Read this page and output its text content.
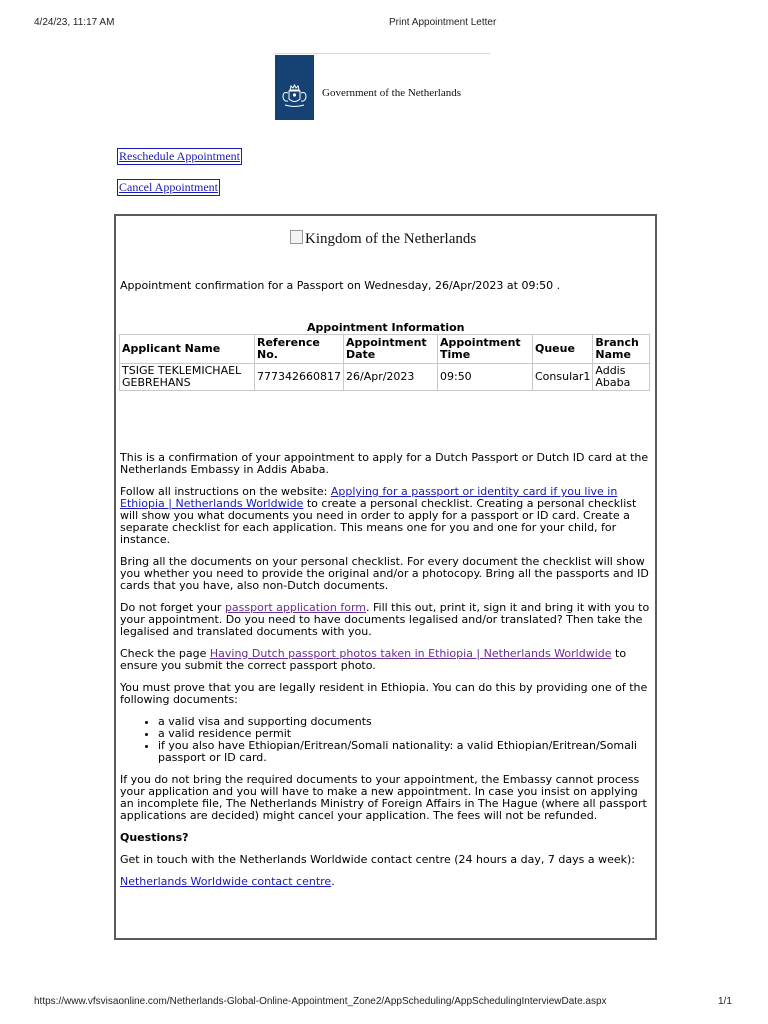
4/24/23, 11:17 AM	Print Appointment Letter
Government of the Netherlands
Reschedule Appointment
Cancel Appointment
Kingdom of the Netherlands
Appointment confirmation for a Passport on Wednesday, 26/Apr/2023 at 09:50 .
Appointment Information
Applicant Name	Reference No.	Appointment Date	Appointment Time	Queue	Branch Name
TSIGE TEKLEMICHAEL GEBREHANS	777342660817	26/Apr/2023	09:50	Consular1	Addis Ababa

This is a confirmation of your appointment to apply for a Dutch Passport or Dutch ID card at the Netherlands Embassy in Addis Ababa.

Follow all instructions on the website: Applying for a passport or identity card if you live in Ethiopia | Netherlands Worldwide to create a personal checklist. Creating a personal checklist will show you what documents you need in order to apply for a passport or ID card. Create a separate checklist for each application. This means one for you and one for your child, for instance.

Bring all the documents on your personal checklist. For every document the checklist will show you whether you need to provide the original and/or a photocopy. Bring all the passports and ID cards that you have, also non-Dutch documents.

Do not forget your passport application form. Fill this out, print it, sign it and bring it with you to your appointment. Do you need to have documents legalised and/or translated? Then take the legalised and translated documents with you.

Check the page Having Dutch passport photos taken in Ethiopia | Netherlands Worldwide to ensure you submit the correct passport photo.

You must prove that you are legally resident in Ethiopia. You can do this by providing one of the following documents:

• a valid visa and supporting documents
• a valid residence permit
• if you also have Ethiopian/Eritrean/Somali nationality: a valid Ethiopian/Eritrean/Somali passport or ID card.

If you do not bring the required documents to your appointment, the Embassy cannot process your application and you will have to make a new appointment. In case you insist on applying an incomplete file, The Netherlands Ministry of Foreign Affairs in The Hague (where all passport applications are decided) might cancel your application. The fees will not be refunded.

Questions?

Get in touch with the Netherlands Worldwide contact centre (24 hours a day, 7 days a week):

Netherlands Worldwide contact centre.

https://www.vfsvisaonline.com/Netherlands-Global-Online-Appointment_Zone2/AppScheduling/AppSchedulingInterviewDate.aspx	1/1
